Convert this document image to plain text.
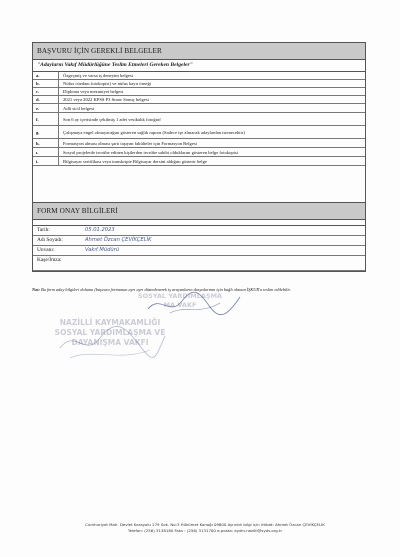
BAŞVURU İÇİN GEREKLİ BELGELER
"Adayların Vakıf Müdürlüğüne Teslim Etmeleri Gereken Belgeler"
a.	Özgeçmiş ve varsa iş deneyim belgesi
b.	Nüfus cüzdanı fotokopisi) ve nüfus kayıt örneği
c.	Diploma veya mezuniyet belgesi
d.	2021 veya 2022 KPSS P3 Sınav Sonuç belgesi
e.	Adli sicil belgesi
f.	Son 6 ay içerisinde çekilmiş 1 adet vesikalık fotoğraf
g.	Çalışmaya engel olmayacağını gösteren sağlık raporu (Sadece işe alınacak adaylardan istenecektir)
h.	Formasyon alması olması şartı taşıyan fakülteler için Formasyon Belgesi
ı.	Sosyal projelerde tecrübe edinen kişilerden tecrübe sahibi olduklarını gösteren belge fotokopisi
i.	Bilgisayar sertifikası veya transkripte Bilgisayar dersini aldığını gösterir belge
FORM ONAY BİLGİLERİ
Tarih:	05.01.2023
Adı Soyadı:	Ahmet Özcan ÇEVİKÇELİK
Unvanı:	Vakıf Müdürü
Kaşe/İmza:
Not: Bu form aday bilgileri dolumu (başvuru formunun ayrı ayrı düzenlenerek iş arayanların dosyalarının için bağlı olanan İŞKUR'a teslim edilebilir.
SOSYAL YARDIMLAŞMA
MA VAKF
NAZİLLİ KAYMAKAMLIĞI
SOSYAL YARDIMLAŞMA VE
DAYANIŞMA VAKFI
Cumhuriyet Mah. Devlet Karayolu 279 Sok. No:3 Hükümet Konağı 09800 Ayrıntılı bilgi için irtibat: Ahmet Özcan ÇEVİKÇELİK
Telefon: (256) 3138180 Faks : (256) 3131700 e-posta: aydin.nazilli@sydv.org.tr
